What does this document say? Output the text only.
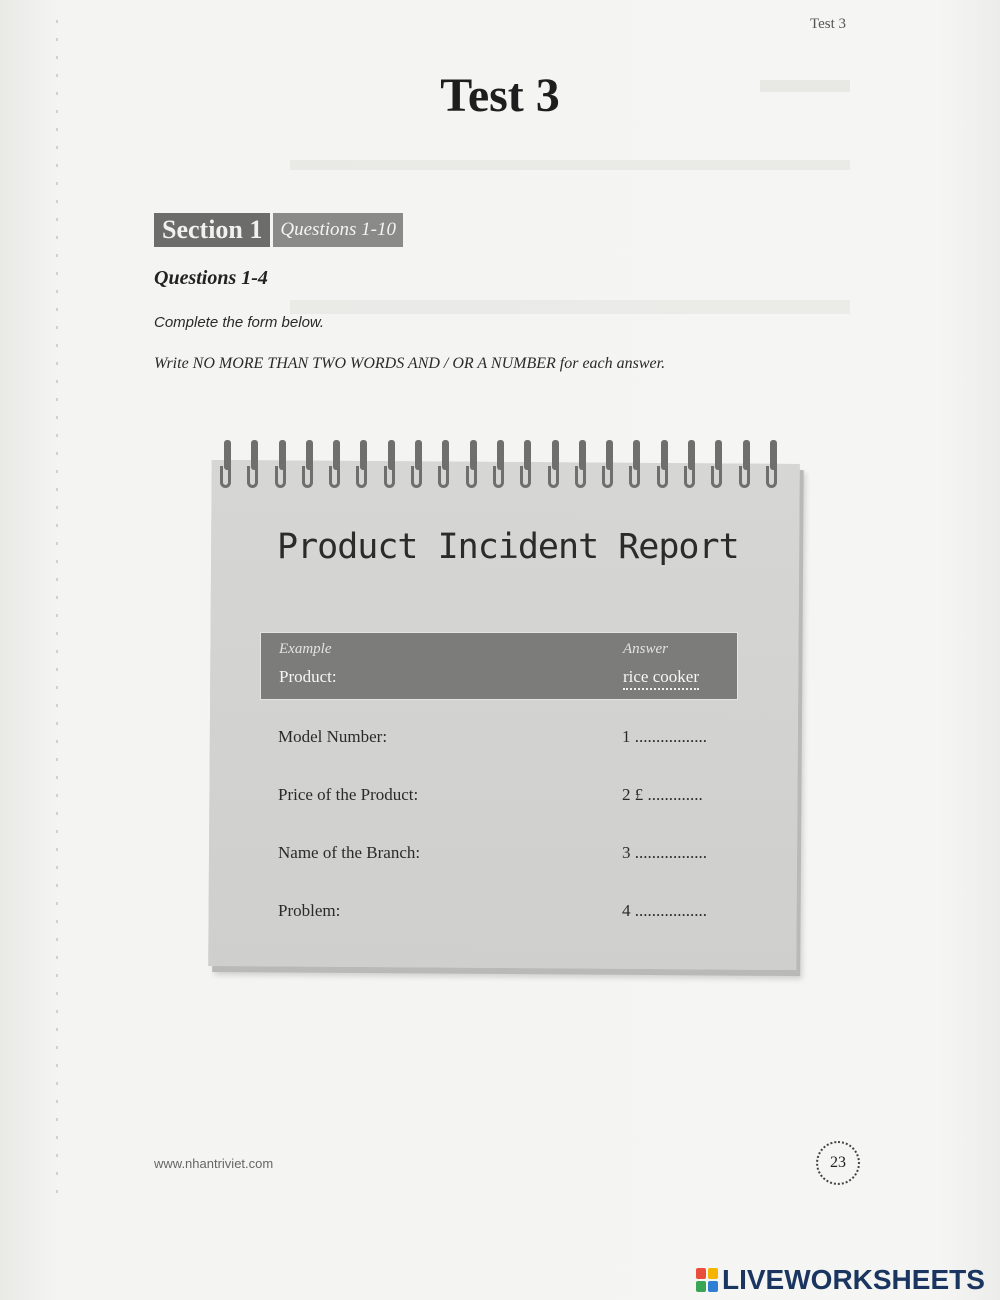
Test 3
Test 3
Section 1 Questions 1-10
Questions 1-4
Complete the form below.
Write NO MORE THAN TWO WORDS AND / OR A NUMBER for each answer.
Product Incident Report
Example	Answer
Product:	rice cooker
Model Number:	1 .................
Price of the Product:	2 £ .............
Name of the Branch:	3 .................
Problem:	4 .................
www.nhantriviet.com	23
LIVEWORKSHEETS
